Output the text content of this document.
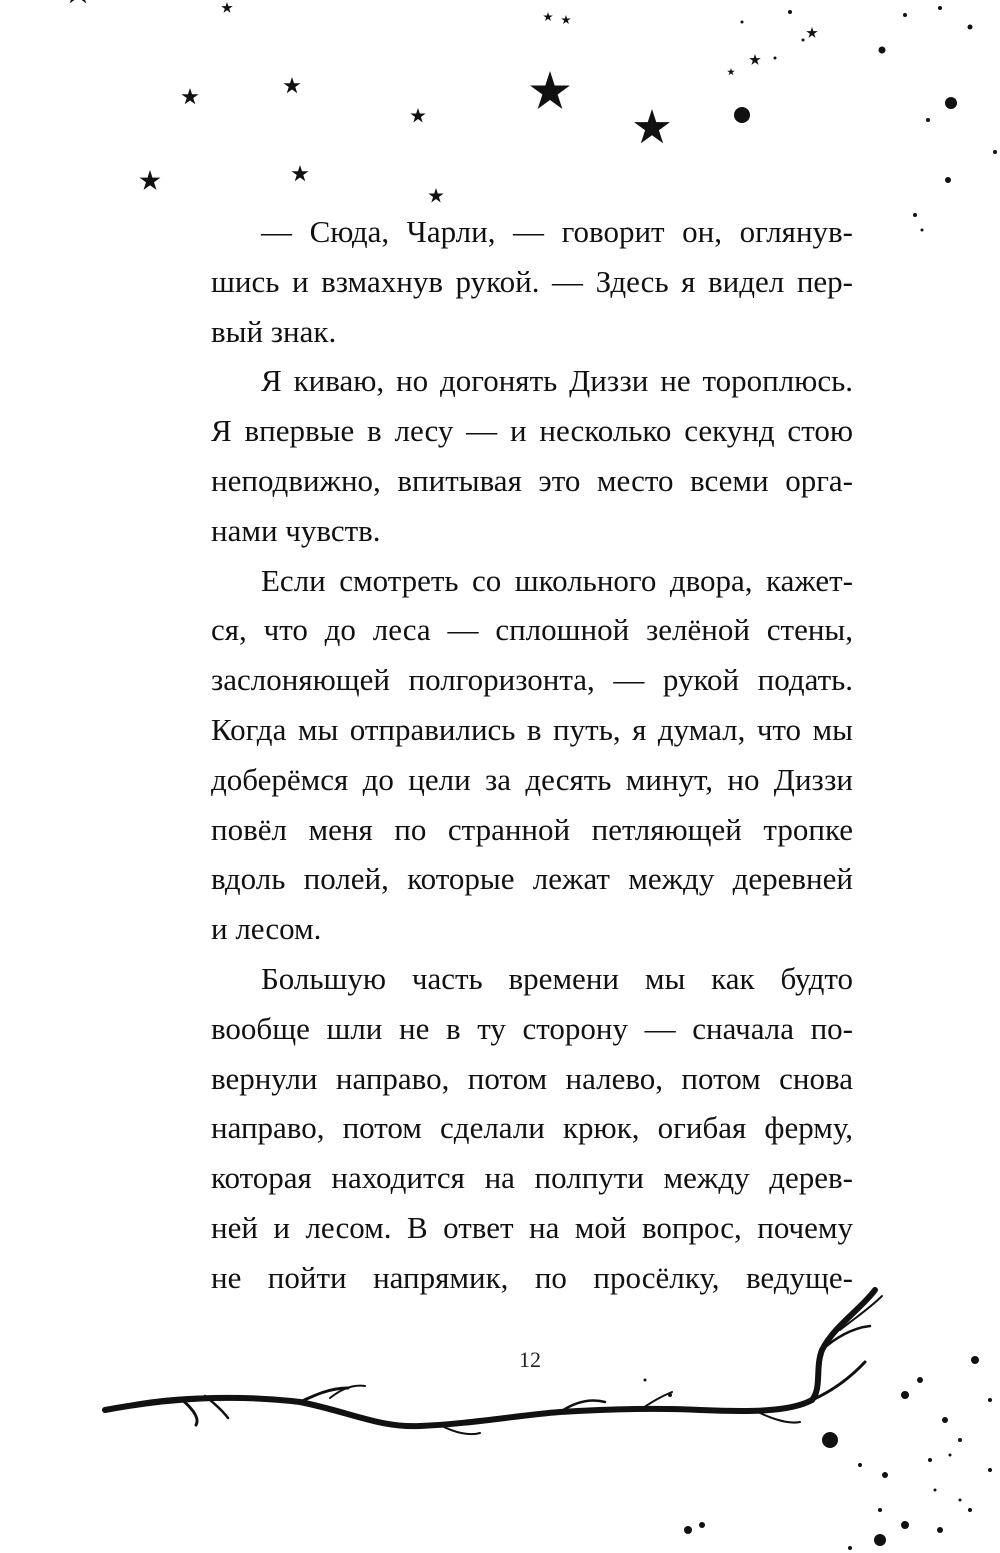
— Сюда, Чарли, — говорит он, оглянув-
шись и взмахнув рукой. — Здесь я видел пер-
вый знак.
Я киваю, но догонять Диззи не тороплюсь.
Я впервые в лесу — и несколько секунд стою
неподвижно, впитывая это место всеми орга-
нами чувств.
Если смотреть со школьного двора, кажет-
ся, что до леса — сплошной зелёной стены,
заслоняющей полгоризонта, — рукой подать.
Когда мы отправились в путь, я думал, что мы
доберёмся до цели за десять минут, но Диззи
повёл меня по странной петляющей тропке
вдоль полей, которые лежат между деревней
и лесом.
Большую часть времени мы как будто
вообще шли не в ту сторону — сначала по-
вернули направо, потом налево, потом снова
направо, потом сделали крюк, огибая ферму,
которая находится на полпути между дерев-
ней и лесом. В ответ на мой вопрос, почему
не пойти напрямик, по просёлку, ведуще-
12
